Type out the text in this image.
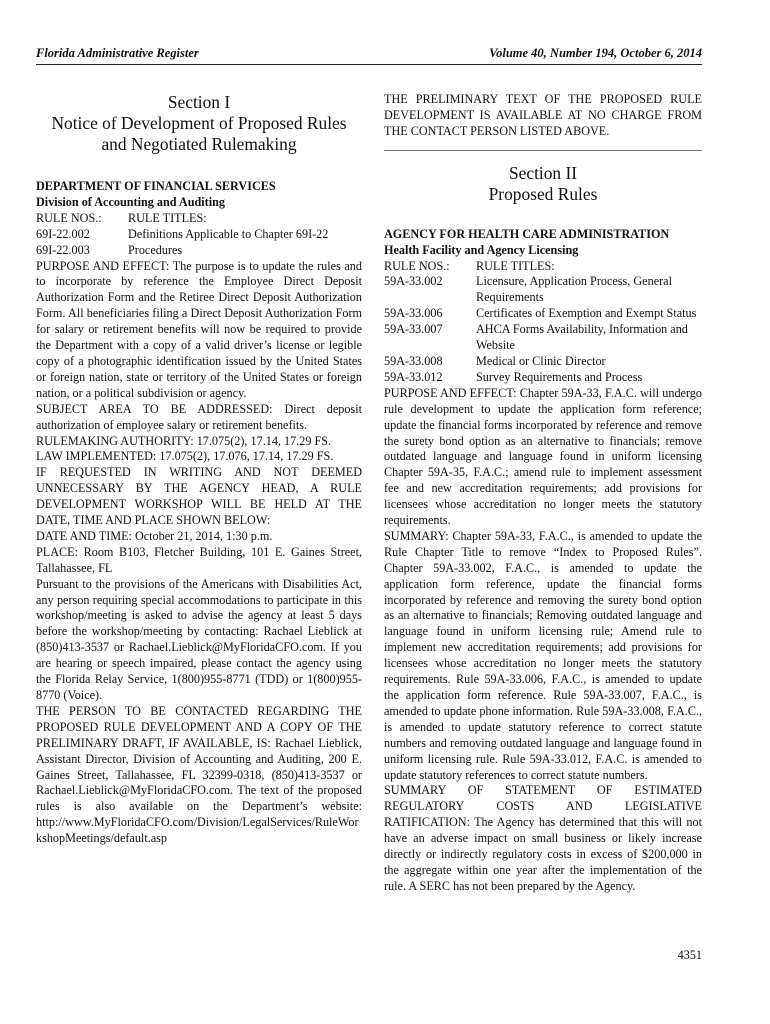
Florida Administrative Register	Volume 40, Number 194, October 6, 2014
Section I
Notice of Development of Proposed Rules
and Negotiated Rulemaking
DEPARTMENT OF FINANCIAL SERVICES
Division of Accounting and Auditing
RULE NOS.:	RULE TITLES:
69I-22.002	Definitions Applicable to Chapter 69I-22
69I-22.003	Procedures
PURPOSE AND EFFECT: The purpose is to update the rules and to incorporate by reference the Employee Direct Deposit Authorization Form and the Retiree Direct Deposit Authorization Form. All beneficiaries filing a Direct Deposit Authorization Form for salary or retirement benefits will now be required to provide the Department with a copy of a valid driver’s license or legible copy of a photographic identification issued by the United States or foreign nation, state or territory of the United States or foreign nation, or a political subdivision or agency.
SUBJECT AREA TO BE ADDRESSED: Direct deposit authorization of employee salary or retirement benefits.
RULEMAKING AUTHORITY: 17.075(2), 17.14, 17.29 FS.
LAW IMPLEMENTED: 17.075(2), 17.076, 17.14, 17.29 FS.
IF REQUESTED IN WRITING AND NOT DEEMED UNNECESSARY BY THE AGENCY HEAD, A RULE DEVELOPMENT WORKSHOP WILL BE HELD AT THE DATE, TIME AND PLACE SHOWN BELOW:
DATE AND TIME: October 21, 2014, 1:30 p.m.
PLACE: Room B103, Fletcher Building, 101 E. Gaines Street, Tallahassee, FL
Pursuant to the provisions of the Americans with Disabilities Act, any person requiring special accommodations to participate in this workshop/meeting is asked to advise the agency at least 5 days before the workshop/meeting by contacting: Rachael Lieblick at (850)413-3537 or Rachael.Lieblick@MyFloridaCFO.com. If you are hearing or speech impaired, please contact the agency using the Florida Relay Service, 1(800)955-8771 (TDD) or 1(800)955-8770 (Voice).
THE PERSON TO BE CONTACTED REGARDING THE PROPOSED RULE DEVELOPMENT AND A COPY OF THE PRELIMINARY DRAFT, IF AVAILABLE, IS: Rachael Lieblick, Assistant Director, Division of Accounting and Auditing, 200 E. Gaines Street, Tallahassee, FL 32399-0318, (850)413-3537 or Rachael.Lieblick@MyFloridaCFO.com. The text of the proposed rules is also available on the Department’s website: http://www.MyFloridaCFO.com/Division/LegalServices/RuleWorkshopMeetings/default.asp
THE PRELIMINARY TEXT OF THE PROPOSED RULE DEVELOPMENT IS AVAILABLE AT NO CHARGE FROM THE CONTACT PERSON LISTED ABOVE.
Section II
Proposed Rules
AGENCY FOR HEALTH CARE ADMINISTRATION
Health Facility and Agency Licensing
RULE NOS.:	RULE TITLES:
59A-33.002	Licensure, Application Process, General Requirements
59A-33.006	Certificates of Exemption and Exempt Status
59A-33.007	AHCA Forms Availability, Information and Website
59A-33.008	Medical or Clinic Director
59A-33.012	Survey Requirements and Process
PURPOSE AND EFFECT: Chapter 59A-33, F.A.C. will undergo rule development to update the application form reference; update the financial forms incorporated by reference and remove the surety bond option as an alternative to financials; remove outdated language and language found in uniform licensing Chapter 59A-35, F.A.C.; amend rule to implement assessment fee and new accreditation requirements; add provisions for licensees whose accreditation no longer meets the statutory requirements.
SUMMARY: Chapter 59A-33, F.A.C., is amended to update the Rule Chapter Title to remove “Index to Proposed Rules”. Chapter 59A-33.002, F.A.C., is amended to update the application form reference, update the financial forms incorporated by reference and removing the surety bond option as an alternative to financials; Removing outdated language and language found in uniform licensing rule; Amend rule to implement new accreditation requirements; add provisions for licensees whose accreditation no longer meets the statutory requirements. Rule 59A-33.006, F.A.C., is amended to update the application form reference. Rule 59A-33.007, F.A.C., is amended to update phone information. Rule 59A-33.008, F.A.C., is amended to update statutory reference to correct statute numbers and removing outdated language and language found in uniform licensing rule. Rule 59A-33.012, F.A.C. is amended to update statutory references to correct statute numbers.
SUMMARY OF STATEMENT OF ESTIMATED REGULATORY COSTS AND LEGISLATIVE RATIFICATION: The Agency has determined that this will not have an adverse impact on small business or likely increase directly or indirectly regulatory costs in excess of $200,000 in the aggregate within one year after the implementation of the rule. A SERC has not been prepared by the Agency.
4351
